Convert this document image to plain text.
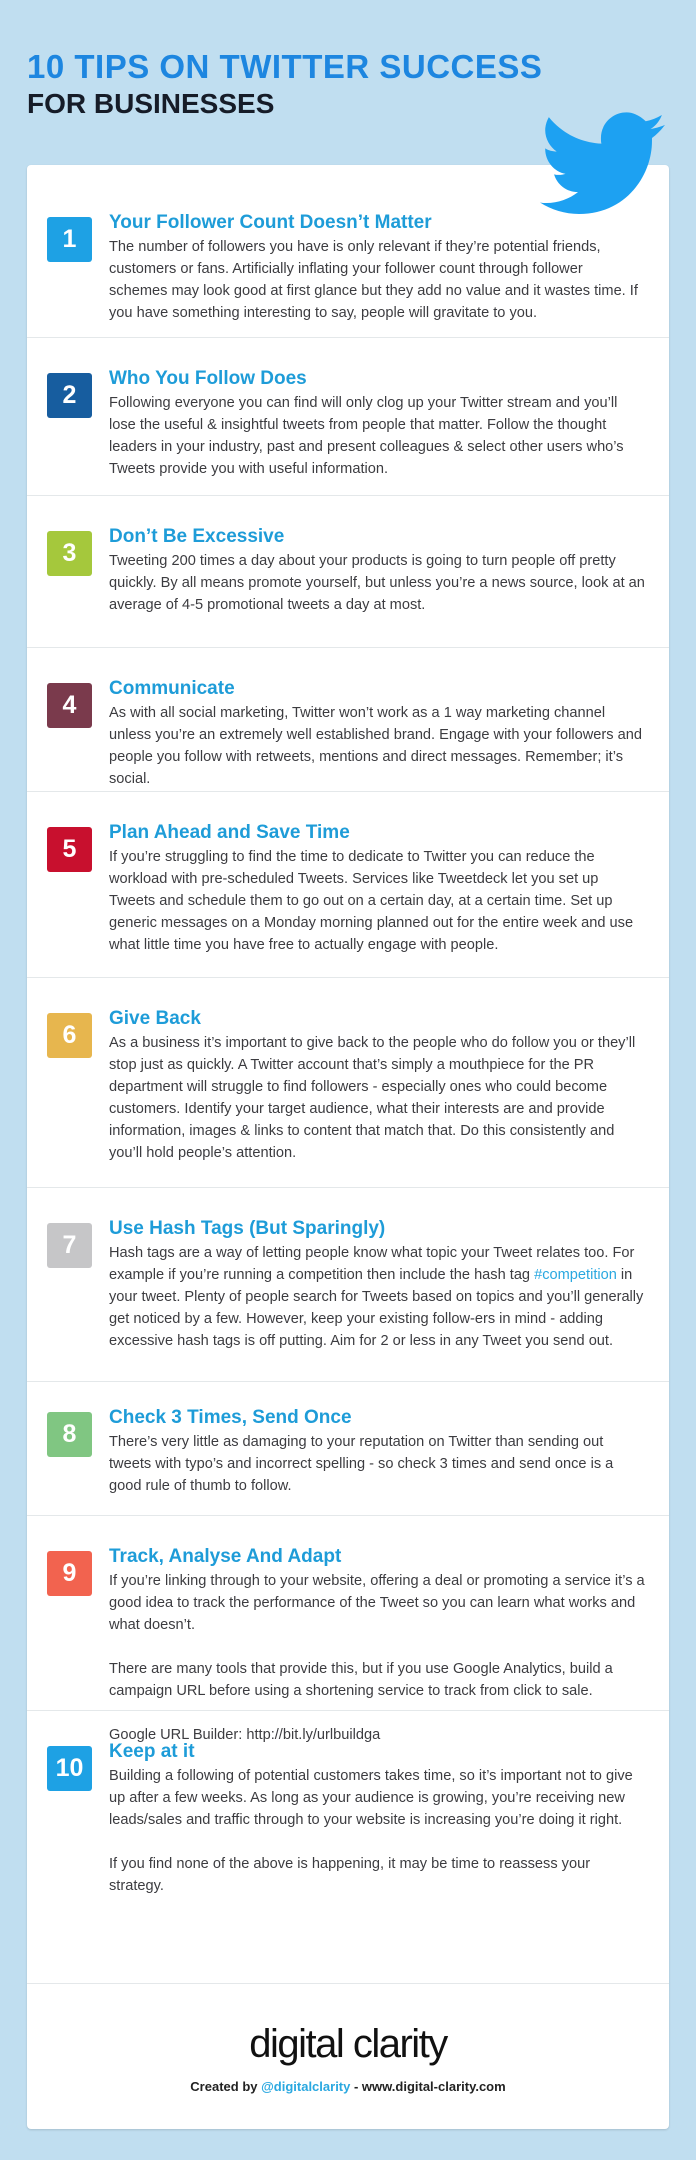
10 TIPS ON TWITTER SUCCESS
FOR BUSINESSES
1
Your Follower Count Doesn’t Matter
The number of followers you have is only relevant if they’re potential friends, customers or fans. Artificially inflating your follower count through follower schemes may look good at first glance but they add no value and it wastes time. If you have something interesting to say, people will gravitate to you.
2
Who You Follow Does
Following everyone you can find will only clog up your Twitter stream and you’ll lose the useful & insightful tweets from people that matter. Follow the thought leaders in your industry, past and present colleagues & select other users who’s Tweets provide you with useful information.
3
Don’t Be Excessive
Tweeting 200 times a day about your products is going to turn people off pretty quickly. By all means promote yourself, but unless you’re a news source, look at an average of 4-5 promotional tweets a day at most.
4
Communicate
As with all social marketing, Twitter won’t work as a 1 way marketing channel unless you’re an extremely well established brand. Engage with your followers and people you follow with retweets, mentions and direct messages. Remember; it’s social.
5
Plan Ahead and Save Time
If you’re struggling to find the time to dedicate to Twitter you can reduce the workload with pre-scheduled Tweets. Services like Tweetdeck let you set up Tweets and schedule them to go out on a certain day, at a certain time. Set up generic messages on a Monday morning planned out for the entire week and use what little time you have free to actually engage with people.
6
Give Back
As a business it’s important to give back to the people who do follow you or they’ll stop just as quickly. A Twitter account that’s simply a mouthpiece for the PR department will struggle to find followers - especially ones who could become customers. Identify your target audience, what their interests are and provide information, images & links to content that match that. Do this consistently and you’ll hold people’s attention.
7
Use Hash Tags (But Sparingly)
Hash tags are a way of letting people know what topic your Tweet relates too. For example if you’re running a competition then include the hash tag #competition in your tweet. Plenty of people search for Tweets based on topics and you’ll generally get noticed by a few. However, keep your existing follow-ers in mind - adding excessive hash tags is off putting. Aim for 2 or less in any Tweet you send out.
8
Check 3 Times, Send Once
There’s very little as damaging to your reputation on Twitter than sending out tweets with typo’s and incorrect spelling - so check 3 times and send once is a good rule of thumb to follow.
9
Track, Analyse And Adapt
If you’re linking through to your website, offering a deal or promoting a service it’s a good idea to track the performance of the Tweet so you can learn what works and what doesn’t.
There are many tools that provide this, but if you use Google Analytics, build a campaign URL before using a shortening service to track from click to sale.
Google URL Builder: http://bit.ly/urlbuildga
10
Keep at it
Building a following of potential customers takes time, so it’s important not to give up after a few weeks. As long as your audience is growing, you’re receiving new leads/sales and traffic through to your website is increasing you’re doing it right.
If you find none of the above is happening, it may be time to reassess your strategy.
digital clarity
Created by @digitalclarity - www.digital-clarity.com
